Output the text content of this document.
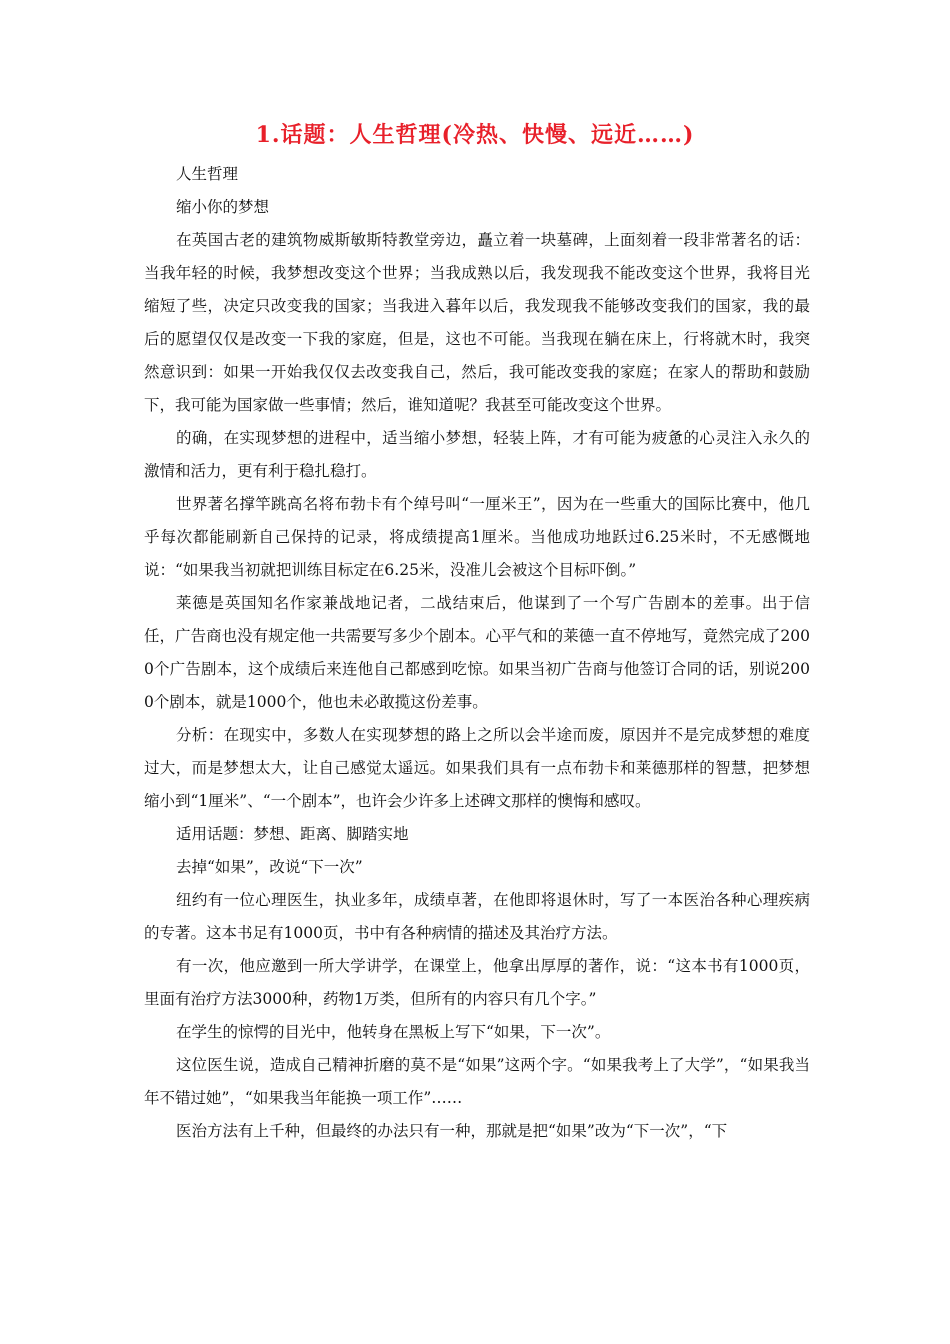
1.话题：人生哲理(冷热、快慢、远近……)

人生哲理

缩小你的梦想

在英国古老的建筑物威斯敏斯特教堂旁边，矗立着一块墓碑，上面刻着一段非常著名的话：当我年轻的时候，我梦想改变这个世界；当我成熟以后，我发现我不能改变这个世界，我将目光缩短了些，决定只改变我的国家；当我进入暮年以后，我发现我不能够改变我们的国家，我的最后的愿望仅仅是改变一下我的家庭，但是，这也不可能。当我现在躺在床上，行将就木时，我突然意识到：如果一开始我仅仅去改变我自己，然后，我可能改变我的家庭；在家人的帮助和鼓励下，我可能为国家做一些事情；然后，谁知道呢？我甚至可能改变这个世界。

的确，在实现梦想的进程中，适当缩小梦想，轻装上阵，才有可能为疲惫的心灵注入永久的激情和活力，更有利于稳扎稳打。

世界著名撑竿跳高名将布勃卡有个绰号叫“一厘米王”，因为在一些重大的国际比赛中，他几乎每次都能刷新自己保持的记录，将成绩提高1厘米。当他成功地跃过6.25米时，不无感慨地说：“如果我当初就把训练目标定在6.25米，没准儿会被这个目标吓倒。”

莱德是英国知名作家兼战地记者，二战结束后，他谋到了一个写广告剧本的差事。出于信任，广告商也没有规定他一共需要写多少个剧本。心平气和的莱德一直不停地写，竟然完成了2000个广告剧本，这个成绩后来连他自己都感到吃惊。如果当初广告商与他签订合同的话，别说2000个剧本，就是1000个，他也未必敢揽这份差事。

分析：在现实中，多数人在实现梦想的路上之所以会半途而废，原因并不是完成梦想的难度过大，而是梦想太大，让自己感觉太遥远。如果我们具有一点布勃卡和莱德那样的智慧，把梦想缩小到“1厘米”、“一个剧本”，也许会少许多上述碑文那样的懊悔和感叹。

适用话题：梦想、距离、脚踏实地

去掉“如果”，改说“下一次”

纽约有一位心理医生，执业多年，成绩卓著，在他即将退休时，写了一本医治各种心理疾病的专著。这本书足有1000页，书中有各种病情的描述及其治疗方法。

有一次，他应邀到一所大学讲学，在课堂上，他拿出厚厚的著作，说：“这本书有1000页，里面有治疗方法3000种，药物1万类，但所有的内容只有几个字。”

在学生的惊愕的目光中，他转身在黑板上写下“如果，下一次”。

这位医生说，造成自己精神折磨的莫不是“如果”这两个字。“如果我考上了大学”，“如果我当年不错过她”，“如果我当年能换一项工作”……

医治方法有上千种，但最终的办法只有一种，那就是把“如果”改为“下一次”，“下
